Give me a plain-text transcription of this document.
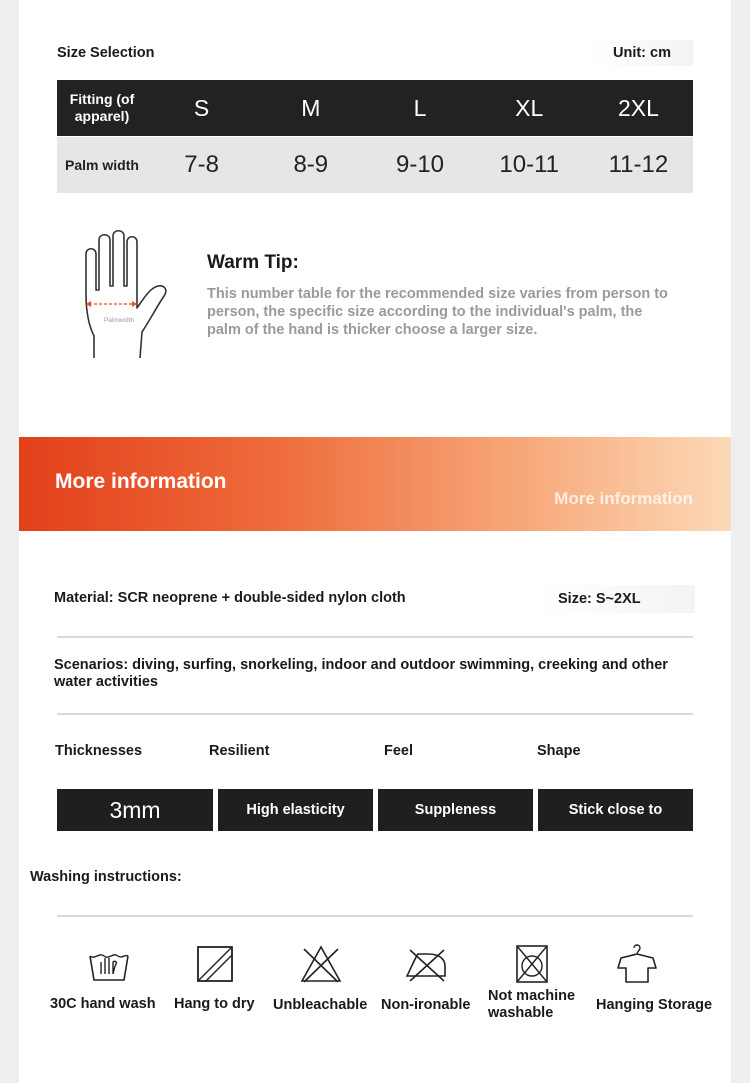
Size Selection	Unit: cm
Fitting (of apparel)	S	M	L	XL	2XL
Palm width	7-8	8-9	9-10	10-11	11-12
Palmwidth
Warm Tip:
This number table for the recommended size varies from person to person, the specific size according to the individual's palm, the palm of the hand is thicker choose a larger size.
More information
More information
Material: SCR neoprene + double-sided nylon cloth	Size: S~2XL
Scenarios: diving, surfing, snorkeling, indoor and outdoor swimming, creeking and other water activities
Thicknesses	Resilient	Feel	Shape
3mm	High elasticity	Suppleness	Stick close to
Washing instructions:
30C hand wash Hang to dry Unbleachable Non-ironable
Not machine washable	Hanging Storage
